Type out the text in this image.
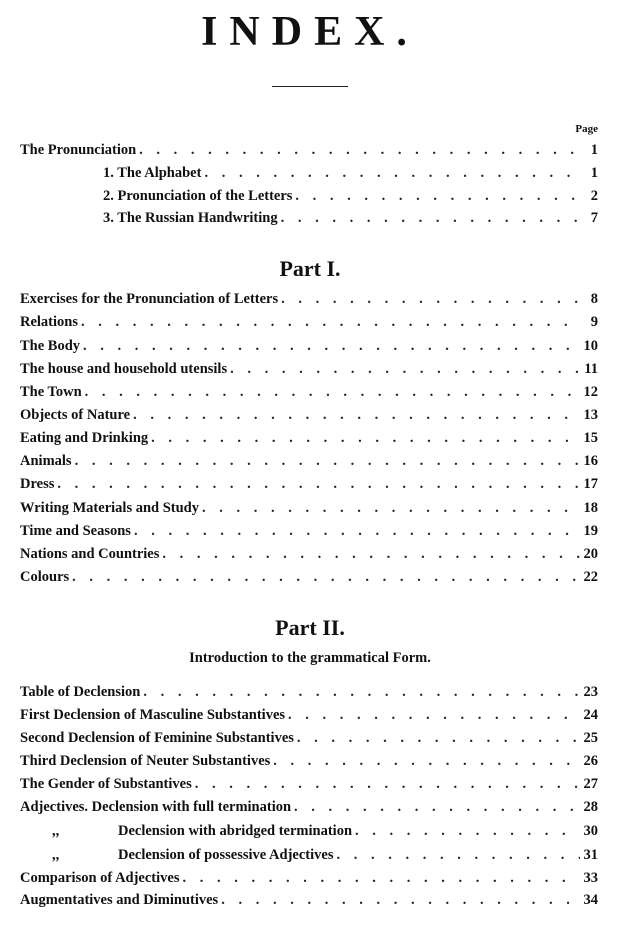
INDEX.
Page
The Pronunciation . . .	1
1. The Alphabet . . .	1
2. Pronunciation of the Letters . . .	2
3. The Russian Handwriting . . .	7
Part I.
Exercises for the Pronunciation of Letters . . .	8
Relations . . .	9
The Body . . .	10
The house and household utensils . . .	11
The Town . . .	12
Objects of Nature . . .	13
Eating and Drinking . . .	15
Animals . . .	16
Dress . . .	17
Writing Materials and Study . . .	18
Time and Seasons . . .	19
Nations and Countries . . .	20
Colours . . .	22
Part II.
Introduction to the grammatical Form.
Table of Declension . . .	23
First Declension of Masculine Substantives . . .	24
Second Declension of Feminine Substantives . . .	25
Third Declension of Neuter Substantives . . .	26
The Gender of Substantives . . .	27
Adjectives. Declension with full termination . . .	28
,,	Declension with abridged termination . . .	30
,,	Declension of possessive Adjectives . . .	31
Comparison of Adjectives . . .	33
Augmentatives and Diminutives . . .	34
